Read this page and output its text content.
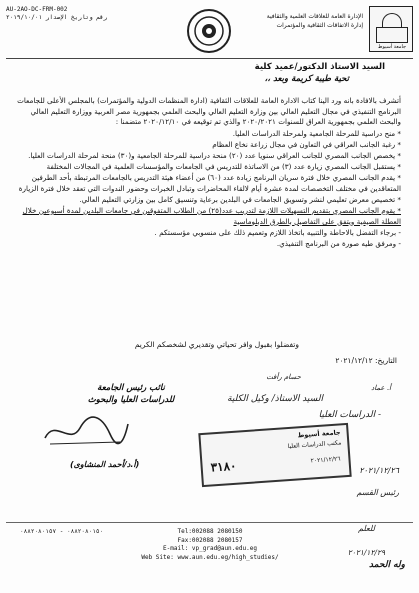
جامعة أسيوط
الإدارة العامة للعلاقات العلمية والثقافية
إدارة الاتفاقات الثقافية والمؤتمرات
AU-2AO-DC-FRM-002
رقم وتاريخ الإصدار ۲۰۱۹/۱۰/۰۱
السيد الاستاذ الدكتور/عميد كلية
تحية طيبة كريمة وبعد ،،

أتشرف بالافادة بانه ورد الينا كتاب الادارة العامة للعلاقات الثقافية (ادارة المنظمات الدولية والمؤتمرات) بالمجلس الأعلى للجامعات البرنامج التنفيذي في مجال التعليم العالي بين وزارة التعليم العالي والبحث العلمي بجمهورية مصر العربية ووزارة التعليم العالي والبحث العلمي بجمهورية العراق للسنوات ٢٠٢٠/٢٠٢١ والذي تم توقيعه في ٢٠٢٠/١٢/١٠ متضمنا :

* منح دراسية للمرحلة الجامعية ولمرحلة الدراسات العليا.
* رغبة الجانب العراقي في التعاون في مجال زراعة نخاع العظام
* يخصص الجانب المصري للجانب العراقي سنويا عدد (٢٠) منحة دراسية للمرحلة الجامعية و(٣٠) منحة لمرحلة الدراسات العليا.
* يستقبل الجانب المصري زيارة عدد (٣) من الاساتذة للتدريس في الجامعات والمؤسسات العلمية في المجالات المختلفة
* يقدم الجانب المصري خلال فترة سريان البرنامج زيادة عدد (٦٠) من أعضاء هيئة التدريس بالجامعات المرتبطة بأحد الطرفين المتعاقدين في مختلف التخصصات لمدة عشرة أيام لالقاء المحاضرات وتبادل الخبرات وحضور الندوات التي تعقد خلال فترة الزيارة
* تخصيص معرض تعليمي لنشر وتسويق الجامعات في البلدين برعاية وتنسيق كامل بين وزارتي التعليم العالي.
* يقوم الجانب المصري بتقديم التسهيلات اللازمة لتدريب عدد(٢٥) من الطلاب المتفوقين في جامعات البلدين لمدة أسبوعين خلال العطلة الصيفية ويتفق على التفاصيل بالطرق الدبلوماسية
- برجاء التفضل بالاحاطة والتنبيه باتخاذ اللازم وتعميم ذلك على منسوبي مؤسستكم .
- ومرفق طيه صورة من البرنامج التنفيذي.
وتفضلوا بقبول وافر تحياتي وتقديري لشخصكم الكريم
التاريخ: ٢٠٢١/١٢/١٢
نائب رئيس الجامعة
للدراسات العليا والبحوث
(أ.د/أحمد المنشاوى)
حسام رأفت
أ. عماد
السيد الاستاذ/ وكيل الكلية
- الدراسات العليا
جامعة أسيوط
مكتب الدراسات العليا
٣١٨٠	٢٠٢١/١٢/٢٦
٢٠٢١/١٢/٢٦
رئيس القسم
Tel:002088 2080150
Fax:002088 2080157
E-mail: vp_grad@aun.edu.eg
Web Site: www.aun.edu.eg/high_studies/
٠٨٨٢٠٨٠١٥٠ - ٠٨٨٢٠٨٠١٥٧	للعلم
٢٠٢١/١٢/٢٩
وله الحمد
